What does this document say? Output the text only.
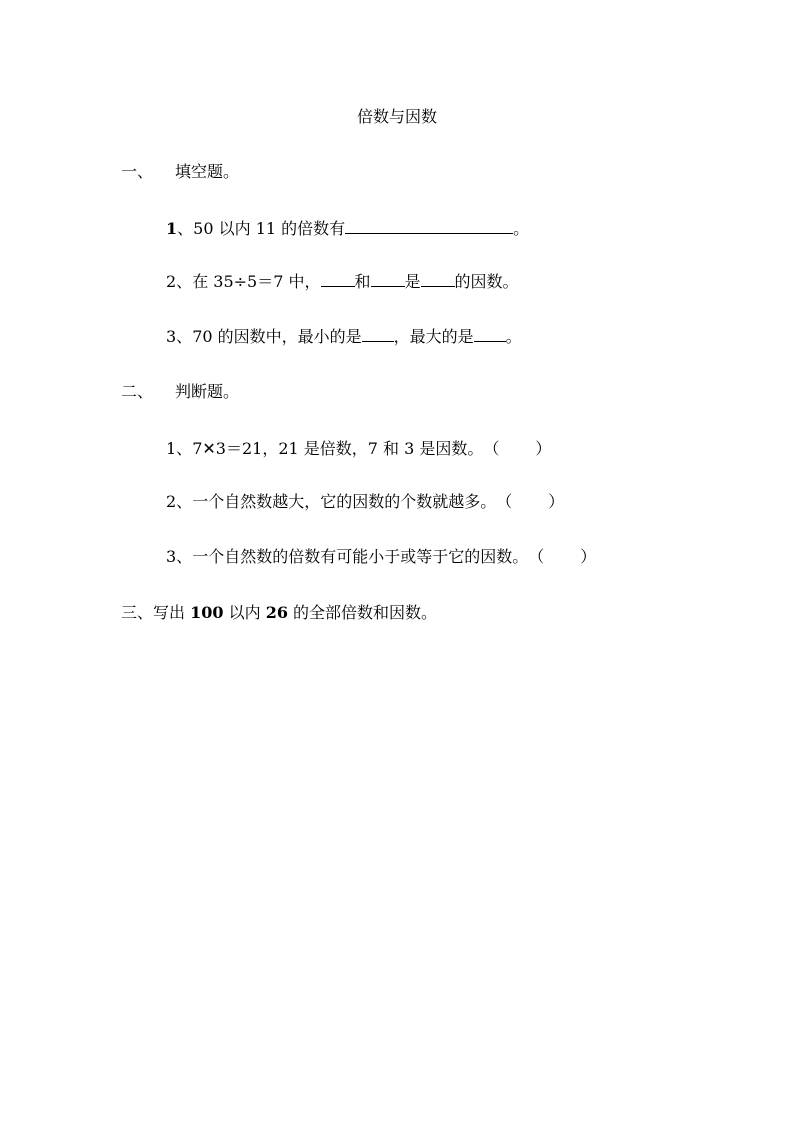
倍数与因数
一、 填空题。
1、50 以内 11 的倍数有	。
2、在 35÷5＝7 中， 和 是 的因数。
3、70 的因数中，最小的是 ，最大的是 。
二、 判断题。
1、7✕3＝21，21 是倍数，7 和 3 是因数。（ ）
2、一个自然数越大，它的因数的个数就越多。（ ）
3、一个自然数的倍数有可能小于或等于它的因数。（ ）
三、写出 100 以内 26 的全部倍数和因数。
